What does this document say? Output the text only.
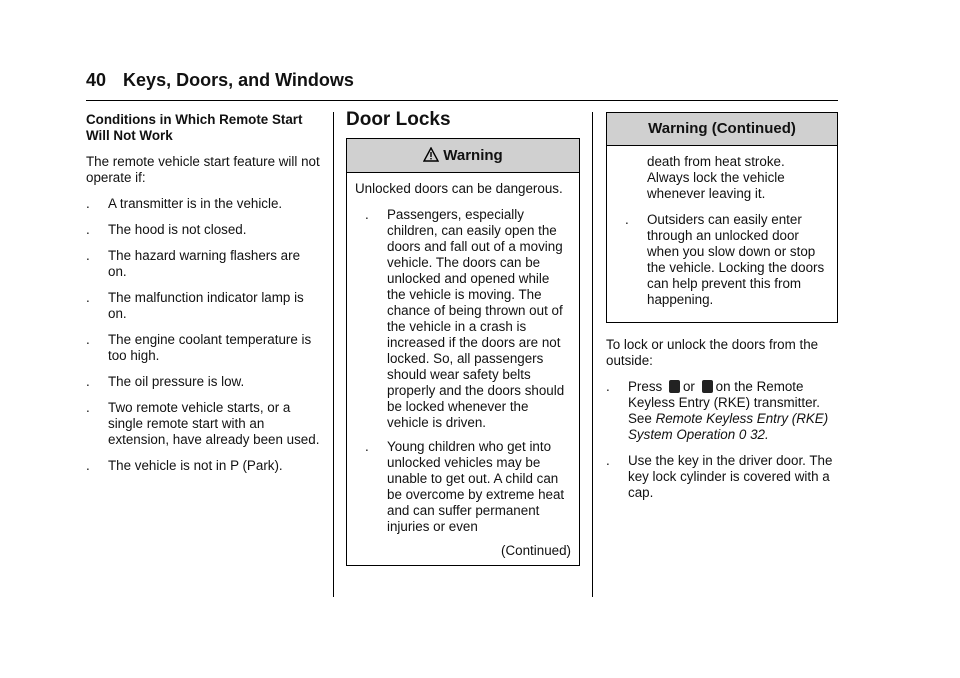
40 Keys, Doors, and Windows

Conditions in Which Remote Start Will Not Work

The remote vehicle start feature will not operate if:

. A transmitter is in the vehicle.
. The hood is not closed.
. The hazard warning flashers are on.
. The malfunction indicator lamp is on.
. The engine coolant temperature is too high.
. The oil pressure is low.
. Two remote vehicle starts, or a single remote start with an extension, have already been used.
. The vehicle is not in P (Park).
Door Locks
Warning

Unlocked doors can be dangerous.

. Passengers, especially children, can easily open the doors and fall out of a moving vehicle. The doors can be unlocked and opened while the vehicle is moving. The chance of being thrown out of the vehicle in a crash is increased if the doors are not locked. So, all passengers should wear safety belts properly and the doors should be locked whenever the vehicle is driven.
. Young children who get into unlocked vehicles may be unable to get out. A child can be overcome by extreme heat and can suffer permanent injuries or even
(Continued)
Warning (Continued)

death from heat stroke. Always lock the vehicle whenever leaving it.

. Outsiders can easily enter through an unlocked door when you slow down or stop the vehicle. Locking the doors can help prevent this from happening.

To lock or unlock the doors from the outside:

. Press or on the Remote Keyless Entry (RKE) transmitter. See Remote Keyless Entry (RKE) System Operation 0 32.
. Use the key in the driver door. The key lock cylinder is covered with a cap.
